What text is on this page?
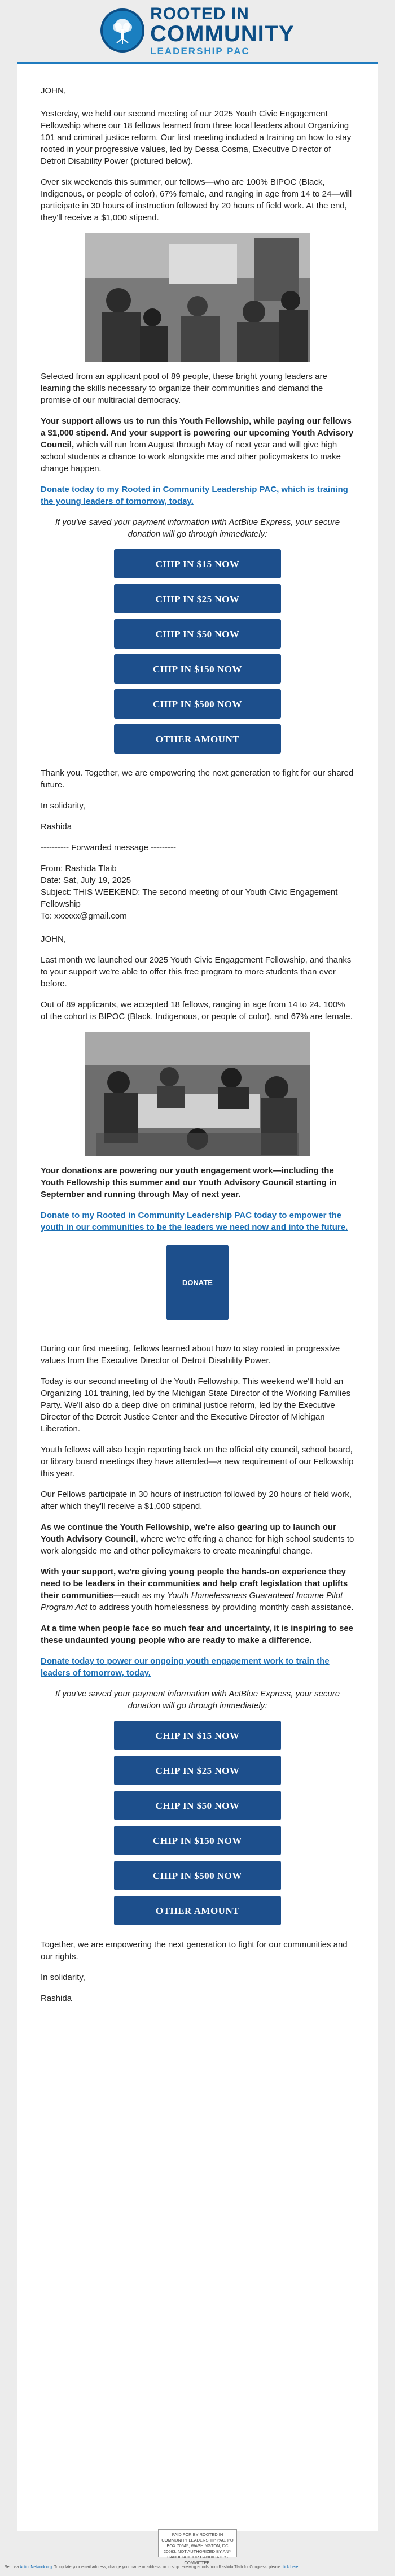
ROOTED IN
COMMUNITY
LEADERSHIP PAC

JOHN,

Yesterday, we held our second meeting of our 2025 Youth Civic Engagement Fellowship where our 18 fellows learned from three local leaders about Organizing 101 and criminal justice reform. Our first meeting included a training on how to stay rooted in your progressive values, led by Dessa Cosma, Executive Director of Detroit Disability Power (pictured below).

Over six weekends this summer, our fellows—who are 100% BIPOC (Black, Indigenous, or people of color), 67% female, and ranging in age from 14 to 24—will participate in 30 hours of instruction followed by 20 hours of field work. At the end, they'll receive a $1,000 stipend.

Selected from an applicant pool of 89 people, these bright young leaders are learning the skills necessary to organize their communities and demand the promise of our multiracial democracy.

Your support allows us to run this Youth Fellowship, while paying our fellows a $1,000 stipend. And your support is powering our upcoming Youth Advisory Council, which will run from August through May of next year and will give high school students a chance to work alongside me and other policymakers to make change happen.

Donate today to my Rooted in Community Leadership PAC, which is training the young leaders of tomorrow, today.

If you've saved your payment information with ActBlue Express, your secure donation will go through immediately:

CHIP IN $15 NOW
CHIP IN $25 NOW
CHIP IN $50 NOW
CHIP IN $150 NOW
CHIP IN $500 NOW
OTHER AMOUNT

Thank you. Together, we are empowering the next generation to fight for our shared future.

In solidarity,

Rashida

---------- Forwarded message ---------

From: Rashida Tlaib

Date: Sat, July 19, 2025

Subject: THIS WEEKEND: The second meeting of our Youth Civic Engagement Fellowship

To: xxxxxx@gmail.com

JOHN,

Last month we launched our 2025 Youth Civic Engagement Fellowship, and thanks to your support we're able to offer this free program to more students than ever before.

Out of 89 applicants, we accepted 18 fellows, ranging in age from 14 to 24. 100% of the cohort is BIPOC (Black, Indigenous, or people of color), and 67% are female.

Your donations are powering our youth engagement work—including the Youth Fellowship this summer and our Youth Advisory Council starting in September and running through May of next year.

Donate to my Rooted in Community Leadership PAC today to empower the youth in our communities to be the leaders we need now and into the future.

DONATE

During our first meeting, fellows learned about how to stay rooted in progressive values from the Executive Director of Detroit Disability Power.

Today is our second meeting of the Youth Fellowship. This weekend we'll hold an Organizing 101 training, led by the Michigan State Director of the Working Families Party. We'll also do a deep dive on criminal justice reform, led by the Executive Director of the Detroit Justice Center and the Executive Director of Michigan Liberation.

Youth fellows will also begin reporting back on the official city council, school board, or library board meetings they have attended—a new requirement of our Fellowship this year.

Our Fellows participate in 30 hours of instruction followed by 20 hours of field work, after which they'll receive a $1,000 stipend.

As we continue the Youth Fellowship, we're also gearing up to launch our Youth Advisory Council, where we're offering a chance for high school students to work alongside me and other policymakers to create meaningful change.

With your support, we're giving young people the hands-on experience they need to be leaders in their communities and help craft legislation that uplifts their communities—such as my Youth Homelessness Guaranteed Income Pilot Program Act to address youth homelessness by providing monthly cash assistance.

At a time when people face so much fear and uncertainty, it is inspiring to see these undaunted young people who are ready to make a difference.

Donate today to power our ongoing youth engagement work to train the leaders of tomorrow, today.

If you've saved your payment information with ActBlue Express, your secure donation will go through immediately:

CHIP IN $15 NOW
CHIP IN $25 NOW
CHIP IN $50 NOW
CHIP IN $150 NOW
CHIP IN $500 NOW
OTHER AMOUNT

Together, we are empowering the next generation to fight for our communities and our rights.

In solidarity,

Rashida

PAID FOR BY ROOTED IN COMMUNITY LEADERSHIP PAC, PO BOX 70645, WASHINGTON, DC 20663. NOT AUTHORIZED BY ANY CANDIDATE OR CANDIDATE'S COMMITTEE.
Sent via ActionNetwork.org. To update your email address, change your name or address, or to stop receiving emails from Rashida Tlaib for Congress, please click here.
